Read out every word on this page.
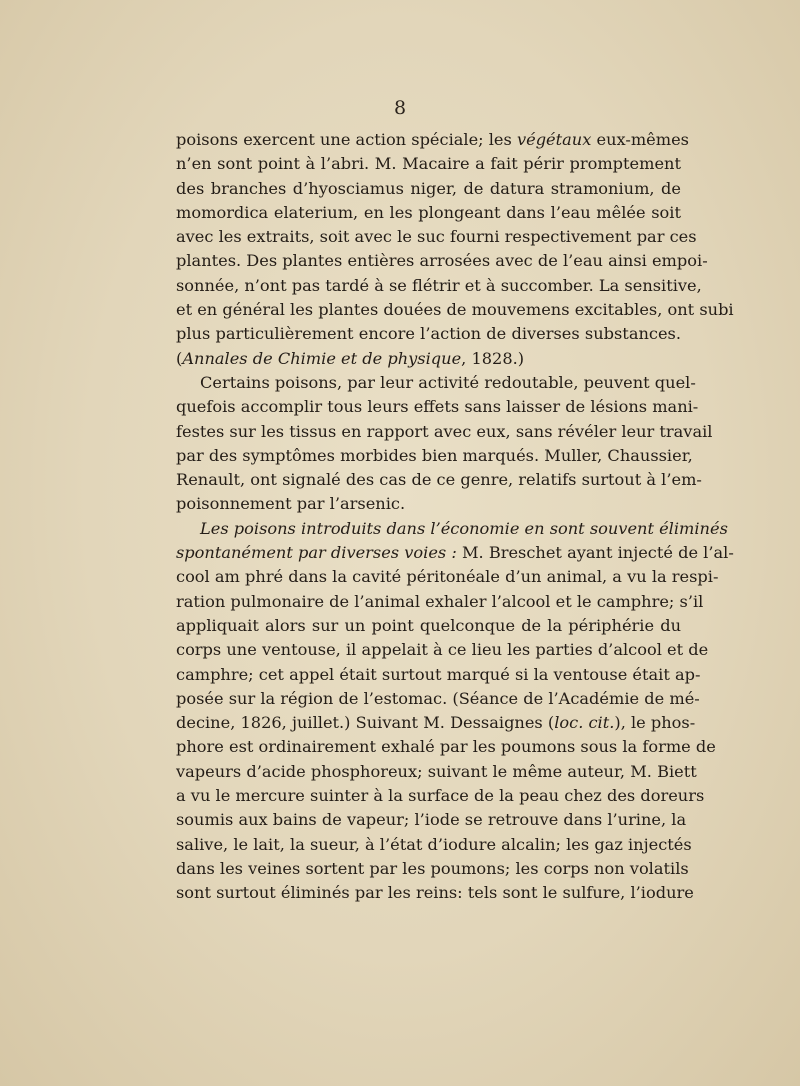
8
poisons exercent une action spéciale; les végétaux eux-mêmes
n’en sont point à l’abri. M. Macaire a fait périr promptement
des branches d’hyosciamus niger, de datura stramonium, de
momordica elaterium, en les plongeant dans l’eau mêlée soit
avec les extraits, soit avec le suc fourni respectivement par ces
plantes. Des plantes entières arrosées avec de l’eau ainsi empoi-
sonnée, n’ont pas tardé à se flétrir et à succomber. La sensitive,
et en général les plantes douées de mouvemens excitables, ont subi
plus particulièrement encore l’action de diverses substances.
(Annales de Chimie et de physique, 1828.)
Certains poisons, par leur activité redoutable, peuvent quel-
quefois accomplir tous leurs effets sans laisser de lésions mani-
festes sur les tissus en rapport avec eux, sans révéler leur travail
par des symptômes morbides bien marqués. Muller, Chaussier,
Renault, ont signalé des cas de ce genre, relatifs surtout à l’em-
poisonnement par l’arsenic.
Les poisons introduits dans l’économie en sont souvent éliminés
spontanément par diverses voies : M. Breschet ayant injecté de l’al-
cool am phré dans la cavité péritonéale d’un animal, a vu la respi-
ration pulmonaire de l’animal exhaler l’alcool et le camphre; s’il
appliquait alors sur un point quelconque de la périphérie du
corps une ventouse, il appelait à ce lieu les parties d’alcool et de
camphre; cet appel était surtout marqué si la ventouse était ap-
posée sur la région de l’estomac. (Séance de l’Académie de mé-
decine, 1826, juillet.) Suivant M. Dessaignes (loc. cit.), le phos-
phore est ordinairement exhalé par les poumons sous la forme de
vapeurs d’acide phosphoreux; suivant le même auteur, M. Biett
a vu le mercure suinter à la surface de la peau chez des doreurs
soumis aux bains de vapeur; l’iode se retrouve dans l’urine, la
salive, le lait, la sueur, à l’état d’iodure alcalin; les gaz injectés
dans les veines sortent par les poumons; les corps non volatils
sont surtout éliminés par les reins: tels sont le sulfure, l’iodure
